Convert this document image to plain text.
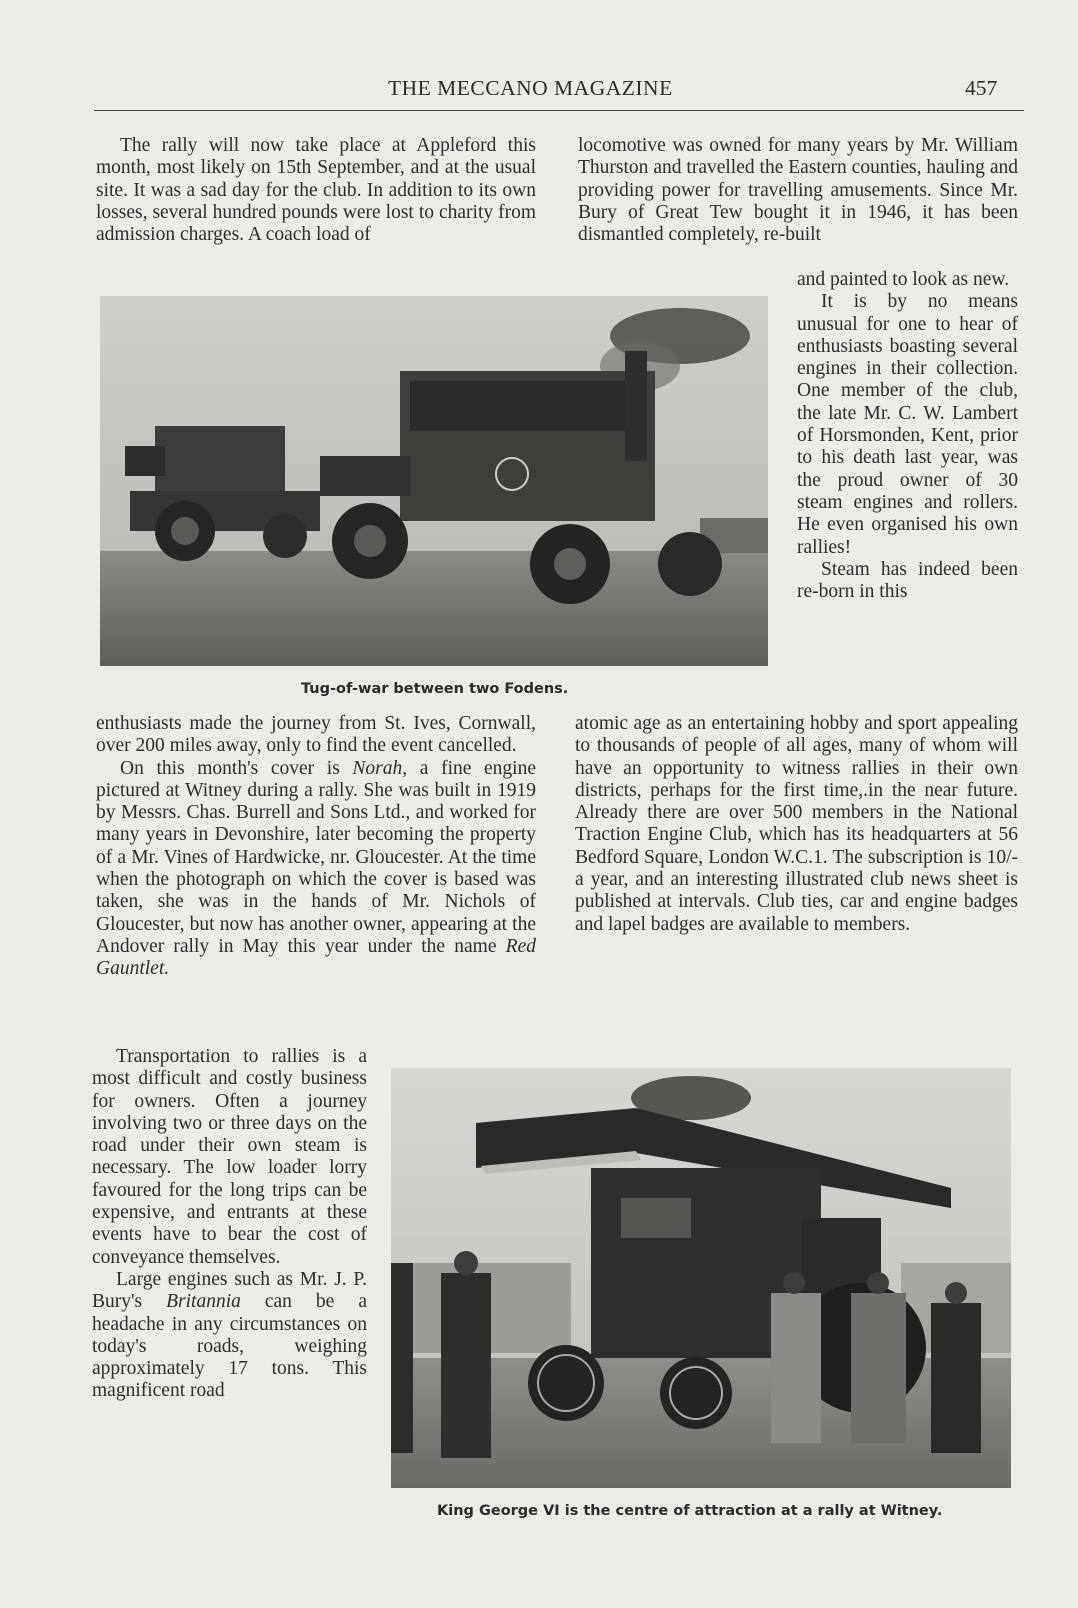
THE MECCANO MAGAZINE	457

The rally will now take place at Appleford this month, most likely on 15th September, and at the usual site. It was a sad day for the club. In addition to its own losses, several hundred pounds were lost to charity from admission charges. A coach load of

locomotive was owned for many years by Mr. William Thurston and travelled the Eastern counties, hauling and providing power for travelling amusements. Since Mr. Bury of Great Tew bought it in 1946, it has been dismantled completely, re-built

and painted to look as new.

It is by no means unusual for one to hear of enthusiasts boasting several engines in their collection. One member of the club, the late Mr. C. W. Lambert of Horsmonden, Kent, prior to his death last year, was the proud owner of 30 steam engines and rollers. He even organised his own rallies!

Steam has indeed been re-born in this

Tug-of-war between two Fodens.

enthusiasts made the journey from St. Ives, Cornwall, over 200 miles away, only to find the event cancelled.

On this month's cover is Norah, a fine engine pictured at Witney during a rally. She was built in 1919 by Messrs. Chas. Burrell and Sons Ltd., and worked for many years in Devonshire, later becoming the property of a Mr. Vines of Hardwicke, nr. Gloucester. At the time when the photograph on which the cover is based was taken, she was in the hands of Mr. Nichols of Gloucester, but now has another owner, appearing at the Andover rally in May this year under the name Red Gauntlet.

atomic age as an entertaining hobby and sport appealing to thousands of people of all ages, many of whom will have an opportunity to witness rallies in their own districts, perhaps for the first time,.in the near future. Already there are over 500 members in the National Traction Engine Club, which has its headquarters at 56 Bedford Square, London W.C.1. The subscription is 10/- a year, and an interesting illustrated club news sheet is published at intervals. Club ties, car and engine badges and lapel badges are available to members.

Transportation to rallies is a most difficult and costly business for owners. Often a journey involving two or three days on the road under their own steam is necessary. The low loader lorry favoured for the long trips can be expensive, and entrants at these events have to bear the cost of conveyance themselves.

Large engines such as Mr. J. P. Bury's Britannia can be a headache in any circumstances on today's roads, weighing approximately 17 tons. This magnificent road

King George VI is the centre of attraction at a rally at Witney.
